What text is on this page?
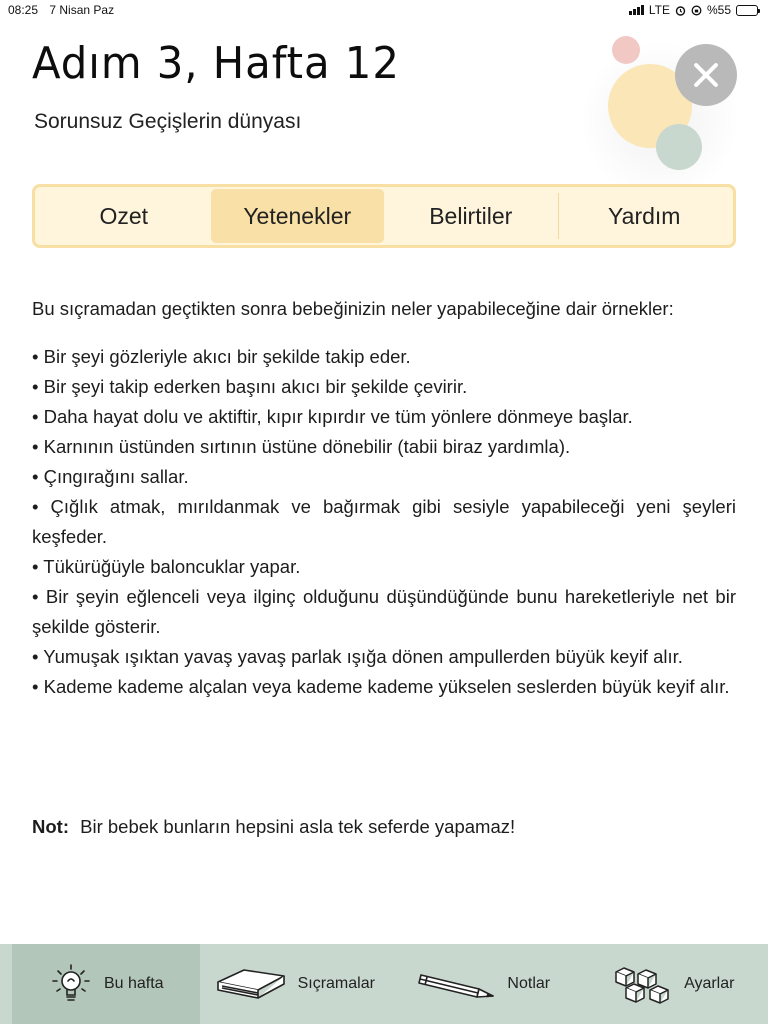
08:25 7 Nisan Paz	LTE	%55
Adım 3, Hafta 12
Sorunsuz Geçişlerin dünyası
Ozet	Yetenekler	Belirtiler	Yardım

Bu sıçramadan geçtikten sonra bebeğinizin neler yapabileceğine dair örnekler:

• Bir şeyi gözleriyle akıcı bir şekilde takip eder.
• Bir şeyi takip ederken başını akıcı bir şekilde çevirir.
• Daha hayat dolu ve aktiftir, kıpır kıpırdır ve tüm yönlere dönmeye başlar.
• Karnının üstünden sırtının üstüne dönebilir (tabii biraz yardımla).
• Çıngırağını sallar.
• Çığlık atmak, mırıldanmak ve bağırmak gibi sesiyle yapabileceği yeni şeyleri keşfeder.
• Tükürüğüyle baloncuklar yapar.
• Bir şeyin eğlenceli veya ilginç olduğunu düşündüğünde bunu hareketleriyle net bir şekilde gösterir.
• Yumuşak ışıktan yavaş yavaş parlak ışığa dönen ampullerden büyük keyif alır.
• Kademe kademe alçalan veya kademe kademe yükselen seslerden büyük keyif alır.

Not: Bir bebek bunların hepsini asla tek seferde yapamaz!

Bu hafta	Sıçramalar	Notlar	Ayarlar
